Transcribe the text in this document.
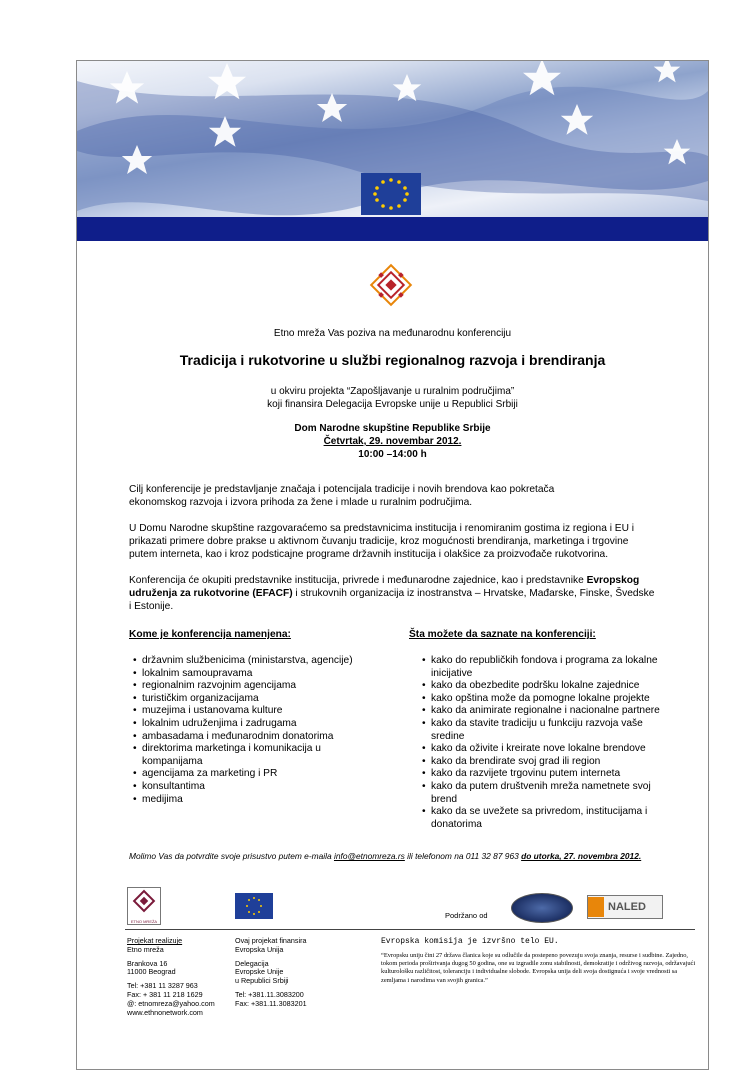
Etno mreža Vas poziva na međunarodnu konferenciju
Tradicija i rukotvorine u službi regionalnog razvoja i brendiranja
u okviru projekta “Zapošljavanje u ruralnim područjima”
koji finansira Delegacija Evropske unije u Republici Srbiji
Dom Narodne skupštine Republike Srbije
Četvrtak, 29. novembar 2012.
10:00 –14:00 h
Cilj konferencije je predstavljanje značaja i potencijala tradicije i novih brendova kao pokretača ekonomskog razvoja i izvora prihoda za žene i mlade u ruralnim područjima.
U Domu Narodne skupštine razgovaraćemo sa predstavnicima institucija i renomiranim gostima iz regiona i EU i prikazati primere dobre prakse u aktivnom čuvanju tradicije, kroz mogućnosti brendiranja, marketinga i trgovine putem interneta, kao i kroz podsticajne programe državnih institucija i olakšice za proizvođače rukotvorina.
Konferencija će okupiti predstavnike institucija, privrede i međunarodne zajednice, kao i predstavnike Evropskog udruženja za rukotvorine (EFACF) i strukovnih organizacija iz inostranstva – Hrvatske, Mađarske, Finske, Švedske i Estonije.
Kome je konferencija namenjena:
• državnim službenicima (ministarstva, agencije)
• lokalnim samoupravama
• regionalnim razvojnim agencijama
• turističkim organizacijama
• muzejima i ustanovama kulture
• lokalnim udruženjima i zadrugama
• ambasadama i međunarodnim donatorima
• direktorima marketinga i komunikacija u kompanijama
• agencijama za marketing i PR
• konsultantima
• medijima
Šta možete da saznate na konferenciji:
• kako do republičkih fondova i programa za lokalne inicijative
• kako da obezbedite podršku lokalne zajednice
• kako opština može da pomogne lokalne projekte
• kako da animirate regionalne i nacionalne partnere
• kako da stavite tradiciju u funkciju razvoja vaše sredine
• kako da oživite i kreirate nove lokalne brendove
• kako da brendirate svoj grad ili region
• kako da razvijete trgovinu putem interneta
• kako da putem društvenih mreža nametnete svoj brend
• kako da se uvežete sa privredom, institucijama i donatorima
Molimo Vas da potvrdite svoje prisustvo putem e-maila info@etnomreza.rs ili telefonom na 011 32 87 963 do utorka, 27. novembra 2012.
ETNO MREŽA
Podržano od
NALED
Projekat realizuje
Etno mreža
Brankova 16
11000 Beograd
Tel: +381 11 3287 963
Fax: + 381 11 218 1629
@: etnomreza@yahoo.com
www.ethnonetwork.com
Ovaj projekat finansira
Evropska Unija
Delegacija
Evropske Unije
u Republici Srbiji
Tel: +381.11.3083200
Fax: +381.11.3083201
Evropska komisija je izvršno telo EU.
“Evropsku uniju čini 27 država članica koje su odlučile da postepeno povezuju svoja znanja, resurse i sudbine. Zajedno, tokom perioda proširivanja dugog 50 godina, one su izgradile zonu stabilnosti, demokratije i održivog razvoja, održavajući kulturološku različitost, toleranciju i individualne slobode. Evropska unija deli svoja dostignuća i svoje vrednosti sa zemljama i narodima van svojih granica.”
